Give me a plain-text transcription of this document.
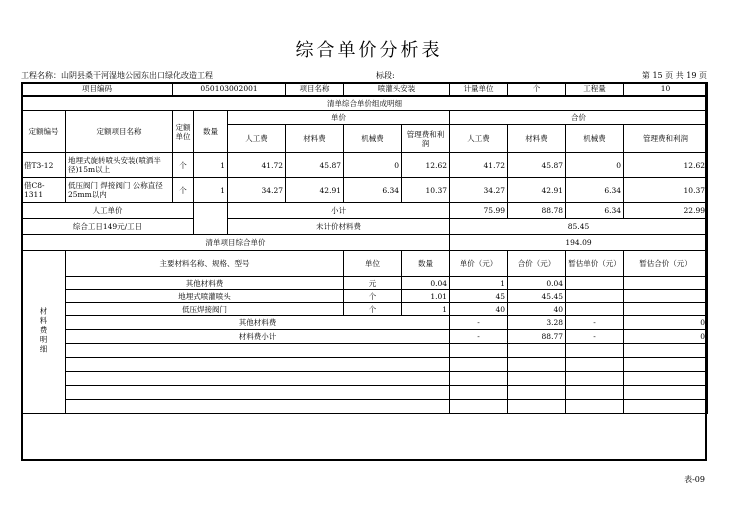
综合单价分析表
工程名称：山阴县桑干河湿地公园东出口绿化改造工程	标段:	第 15 页 共 19 页
项目编码		050103002001			项目名称	喷灌头安装		计量单位	个	工程量	10
清单综合单价组成明细											
定额编号	定额项目名称	定额单位	数量	单价				合价			
				人工费	材料费	机械费	管理费和利润	人工费	材料费	机械费	管理费和利润
借T3-12	地埋式旋转喷头安装(喷洒半径)15m以上	个	1	41.72	45.87	0	12.62	41.72	45.87	0	12.62
借C8-1311	低压阀门 焊接阀门 公称直径25mm以内	个	1	34.27	42.91	6.34	10.37	34.27	42.91	6.34	10.37
人工单价				小计				75.99	88.78	6.34	22.99
综合工日149元/工日				未计价材料费				85.45			
清单项目综合单价								194.09			
材料费明细	主要材料名称、规格、型号					单位	数量	单价（元）	合价（元）	暂估单价（元）	暂估合价（元）
	其他材料费					元	0.04	1	0.04		
	地埋式喷灌喷头					个	1.01	45	45.45		
	低压焊接阀门					个	1	40	40		
	其他材料费							-	3.28	-	0
	材料费小计							-	88.77	-	0

表-09
